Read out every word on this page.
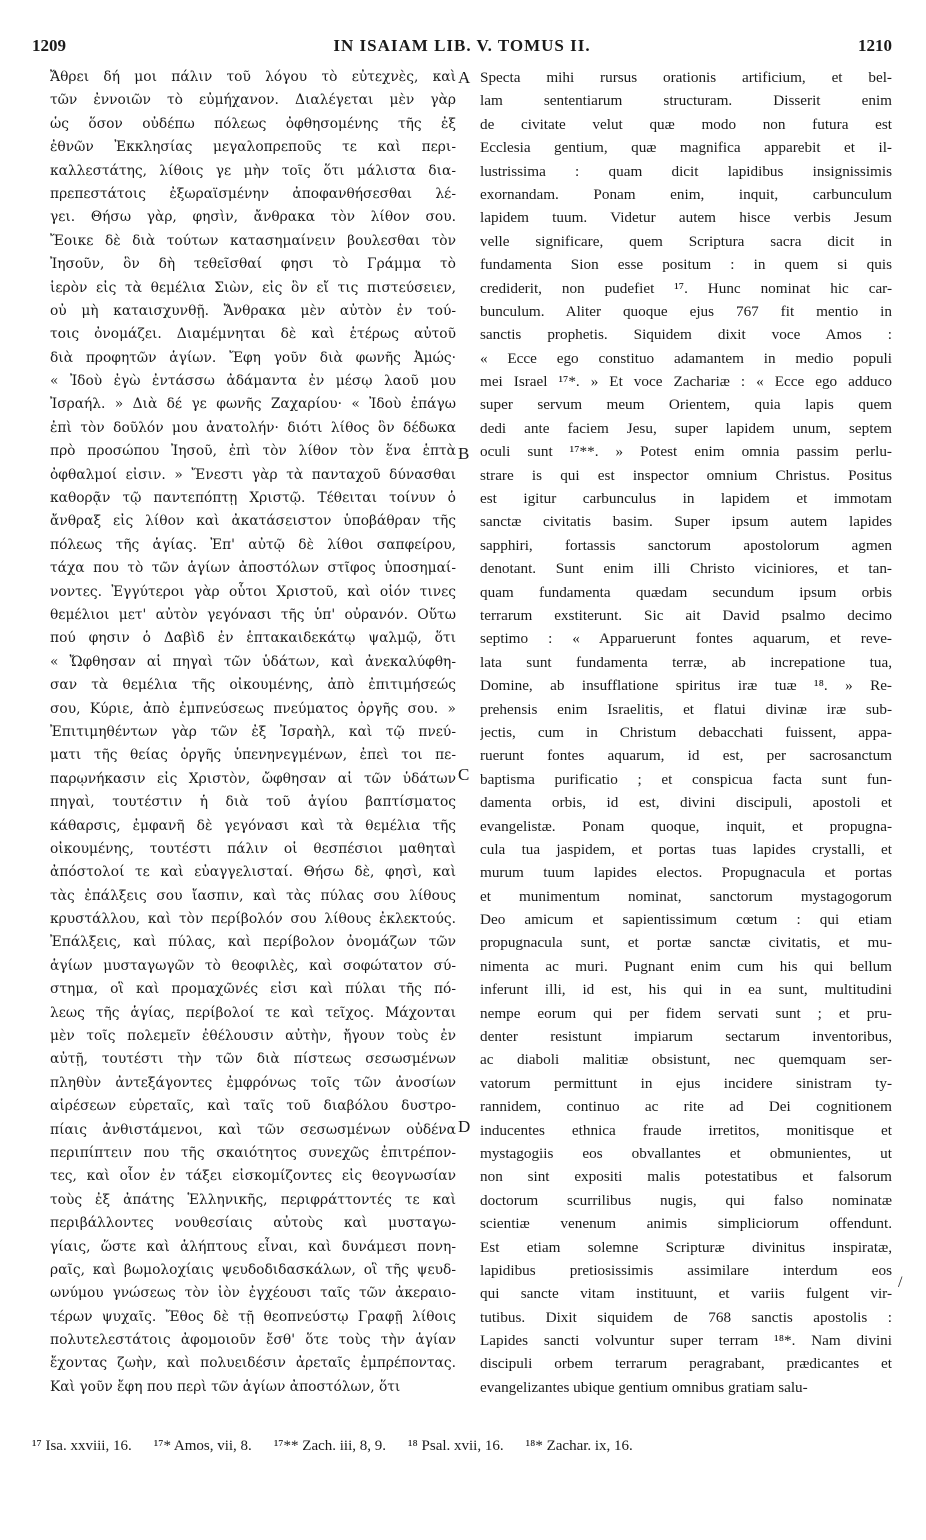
1209	IN ISAIAM LIB. V. TOMUS II.	1210
Ἄθρει δή μοι πάλιν τοῦ λόγου τὸ εὐτεχνὲς, καὶ
τῶν ἐννοιῶν τὸ εὐμήχανον. Διαλέγεται μὲν γὰρ
ὡς ὅσον οὐδέπω πόλεως ὀφθησομένης τῆς ἐξ
ἐθνῶν Ἐκκλησίας μεγαλοπρεποῦς τε καὶ περι-
καλλεστάτης, λίθοις γε μὴν τοῖς ὅτι μάλιστα δια-
πρεπεστάτοις ἐξωραϊσμένην ἀποφανθήσεσθαι λέ-
γει. Θήσω γὰρ, φησὶν, ἄνθρακα τὸν λίθον σου.
Ἔοικε δὲ διὰ τούτων κατασημαίνειν βουλεσθαι τὸν
Ἰησοῦν, ὃν δὴ τεθεῖσθαί φησι τὸ Γράμμα τὸ
ἱερὸν εἰς τὰ θεμέλια Σιὼν, εἰς ὃν εἴ τις πιστεύσειεν,
οὐ μὴ καταισχυνθῇ. Ἄνθρακα μὲν αὐτὸν ἐν τού-
τοις ὀνομάζει. Διαμέμνηται δὲ καὶ ἑτέρως αὐτοῦ
διὰ προφητῶν ἁγίων. Ἔφη γοῦν διὰ φωνῆς Ἀμώς·
« Ἰδοὺ ἐγὼ ἐντάσσω ἀδάμαντα ἐν μέσῳ λαοῦ μου
Ἰσραήλ. » Διὰ δέ γε φωνῆς Ζαχαρίου· « Ἰδοὺ ἐπάγω
ἐπὶ τὸν δοῦλόν μου ἀνατολήν· διότι λίθος ὃν δέδωκα
πρὸ προσώπου Ἰησοῦ, ἐπὶ τὸν λίθον τὸν ἕνα ἑπτὰ
ὀφθαλμοί εἰσιν. » Ἔνεστι γὰρ τὰ πανταχοῦ δύνασθαι
καθορᾷν τῷ παντεπόπτῃ Χριστῷ. Τέθειται τοίνυν ὁ
ἄνθραξ εἰς λίθον καὶ ἀκατάσειστον ὑποβάθραν τῆς
πόλεως τῆς ἁγίας. Ἐπ' αὐτῷ δὲ λίθοι σαπφείρου,
τάχα που τὸ τῶν ἁγίων ἀποστόλων στῖφος ὑποσημαί-
νοντες. Ἐγγύτεροι γὰρ οὗτοι Χριστοῦ, καὶ οἱόν τινες
θεμέλιοι μετ' αὐτὸν γεγόνασι τῆς ὑπ' οὐρανόν. Οὕτω
πού φησιν ὁ Δαβὶδ ἐν ἑπτακαιδεκάτῳ ψαλμῷ, ὅτι
« Ὤφθησαν αἱ πηγαὶ τῶν ὑδάτων, καὶ ἀνεκαλύφθη-
σαν τὰ θεμέλια τῆς οἰκουμένης, ἀπὸ ἐπιτιμήσεώς
σου, Κύριε, ἀπὸ ἐμπνεύσεως πνεύματος ὀργῆς σου. »
Ἐπιτιμηθέντων γὰρ τῶν ἐξ Ἰσραὴλ, καὶ τῷ πνεύ-
ματι τῆς θείας ὀργῆς ὑπενηνεγμένων, ἐπεὶ τοι πε-
παρῳνήκασιν εἰς Χριστὸν, ὤφθησαν αἱ τῶν ὑδάτων
πηγαὶ, τουτέστιν ἡ διὰ τοῦ ἁγίου βαπτίσματος
κάθαρσις, ἐμφανῆ δὲ γεγόνασι καὶ τὰ θεμέλια τῆς
οἰκουμένης, τουτέστι πάλιν οἱ θεσπέσιοι μαθηταὶ
ἀπόστολοί τε καὶ εὐαγγελισταί. Θήσω δὲ, φησὶ, καὶ
τὰς ἐπάλξεις σου ἴασπιν, καὶ τὰς πύλας σου λίθους
κρυστάλλου, καὶ τὸν περίβολόν σου λίθους ἐκλεκτούς.
Ἐπάλξεις, καὶ πύλας, καὶ περίβολον ὀνομάζων τῶν
ἁγίων μυσταγωγῶν τὸ θεοφιλὲς, καὶ σοφώτατον σύ-
στημα, οἳ καὶ προμαχῶνές εἰσι καὶ πύλαι τῆς πό-
λεως τῆς ἁγίας, περίβολοί τε καὶ τεῖχος. Μάχονται
μὲν τοῖς πολεμεῖν ἐθέλουσιν αὐτὴν, ἤγουν τοὺς ἐν
αὐτῇ, τουτέστι τὴν τῶν διὰ πίστεως σεσωσμένων
πληθὺν ἀντεξάγοντες ἐμφρόνως τοῖς τῶν ἀνοσίων
αἱρέσεων εὑρεταῖς, καὶ ταῖς τοῦ διαβόλου δυστρο-
πίαις ἀνθιστάμενοι, καὶ τῶν σεσωσμένων οὐδένα
περιπίπτειν που τῆς σκαιότητος συνεχῶς ἐπιτρέπον-
τες, καὶ οἷον ἐν τάξει εἰσκομίζοντες εἰς θεογνωσίαν
τοὺς ἐξ ἀπάτης Ἑλληνικῆς, περιφράττοντές τε καὶ
περιβάλλοντες νουθεσίαις αὐτοὺς καὶ μυσταγω-
γίαις, ὥστε καὶ ἁλήπτους εἶναι, καὶ δυνάμεσι πονη-
ραῖς, καὶ βωμολοχίαις ψευδοδιδασκάλων, οἳ τῆς ψευδ-
ωνύμου γνώσεως τὸν ἰὸν ἐγχέουσι ταῖς τῶν ἀκεραιο-
τέρων ψυχαῖς. Ἔθος δὲ τῇ θεοπνεύστῳ Γραφῇ λίθοις
πολυτελεστάτοις ἀφομοιοῦν ἔσθ' ὅτε τοὺς τὴν ἁγίαν
ἔχοντας ζωὴν, καὶ πολυειδέσιν ἀρεταῖς ἐμπρέποντας.
Καὶ γοῦν ἔφη που περὶ τῶν ἁγίων ἀποστόλων, ὅτι
Specta mihi rursus orationis artificium, et bel-
lam sententiarum structuram. Disserit enim
de civitate velut quæ modo non futura est
Ecclesia gentium, quæ magnifica apparebit et il-
lustrissima : quam dicit lapidibus insignissimis
exornandam. Ponam enim, inquit, carbunculum
lapidem tuum. Videtur autem hisce verbis Jesum
velle significare, quem Scriptura sacra dicit in
fundamenta Sion esse positum : in quem si quis
crediderit, non pudefiet ¹⁷. Hunc nominat hic car-
bunculum. Aliter quoque ejus 767 fit mentio in
sanctis prophetis. Siquidem dixit voce Amos :
« Ecce ego constituo adamantem in medio populi
mei Israel ¹⁷*. » Et voce Zachariæ : « Ecce ego adduco
super servum meum Orientem, quia lapis quem
dedi ante faciem Jesu, super lapidem unum, septem
oculi sunt ¹⁷**. » Potest enim omnia passim perlu-
strare is qui est inspector omnium Christus. Positus
est igitur carbunculus in lapidem et immotam
sanctæ civitatis basim. Super ipsum autem lapides
sapphiri, fortassis sanctorum apostolorum agmen
denotant. Sunt enim illi Christo viciniores, et tan-
quam fundamenta quædam secundum ipsum orbis
terrarum exstiterunt. Sic ait David psalmo decimo
septimo : « Apparuerunt fontes aquarum, et reve-
lata sunt fundamenta terræ, ab increpatione tua,
Domine, ab insufflatione spiritus iræ tuæ ¹⁸. » Re-
prehensis enim Israelitis, et flatui divinæ iræ sub-
jectis, cum in Christum debacchati fuissent, appa-
ruerunt fontes aquarum, id est, per sacrosanctum
baptisma purificatio ; et conspicua facta sunt fun-
damenta orbis, id est, divini discipuli, apostoli et
evangelistæ. Ponam quoque, inquit, et propugna-
cula tua jaspidem, et portas tuas lapides crystalli, et
murum tuum lapides electos. Propugnacula et portas
et munimentum nominat, sanctorum mystagogorum
Deo amicum et sapientissimum cœtum : qui etiam
propugnacula sunt, et portæ sanctæ civitatis, et mu-
nimenta ac muri. Pugnant enim cum his qui bellum
inferunt illi, id est, his qui in ea sunt, multitudini
nempe eorum qui per fidem servati sunt ; et pru-
denter resistunt impiarum sectarum inventoribus,
ac diaboli malitiæ obsistunt, nec quemquam ser-
vatorum permittunt in ejus incidere sinistram ty-
rannidem, continuo ac rite ad Dei cognitionem
inducentes ethnica fraude irretitos, monitisque et
mystagogiis eos obvallantes et obmunientes, ut
non sint expositi malis potestatibus et falsorum
doctorum scurrilibus nugis, qui falso nominatæ
scientiæ venenum animis simpliciorum offendunt.
Est etiam solemne Scripturæ divinitus inspiratæ,
lapidibus pretiosissimis assimilare interdum eos
qui sancte vitam instituunt, et variis fulgent vir-
tutibus. Dixit siquidem de 768 sanctis apostolis :
Lapides sancti volvuntur super terram ¹⁸*. Nam divini
discipuli orbem terrarum peragrabant, prædicantes et
evangelizantes ubique gentium omnibus gratiam salu-
A
B
C
D
/
¹⁷ Isa. xxviii, 16. ¹⁷* Amos, vii, 8. ¹⁷** Zach. iii, 8, 9. ¹⁸ Psal. xvii, 16. ¹⁸* Zachar. ix, 16.
